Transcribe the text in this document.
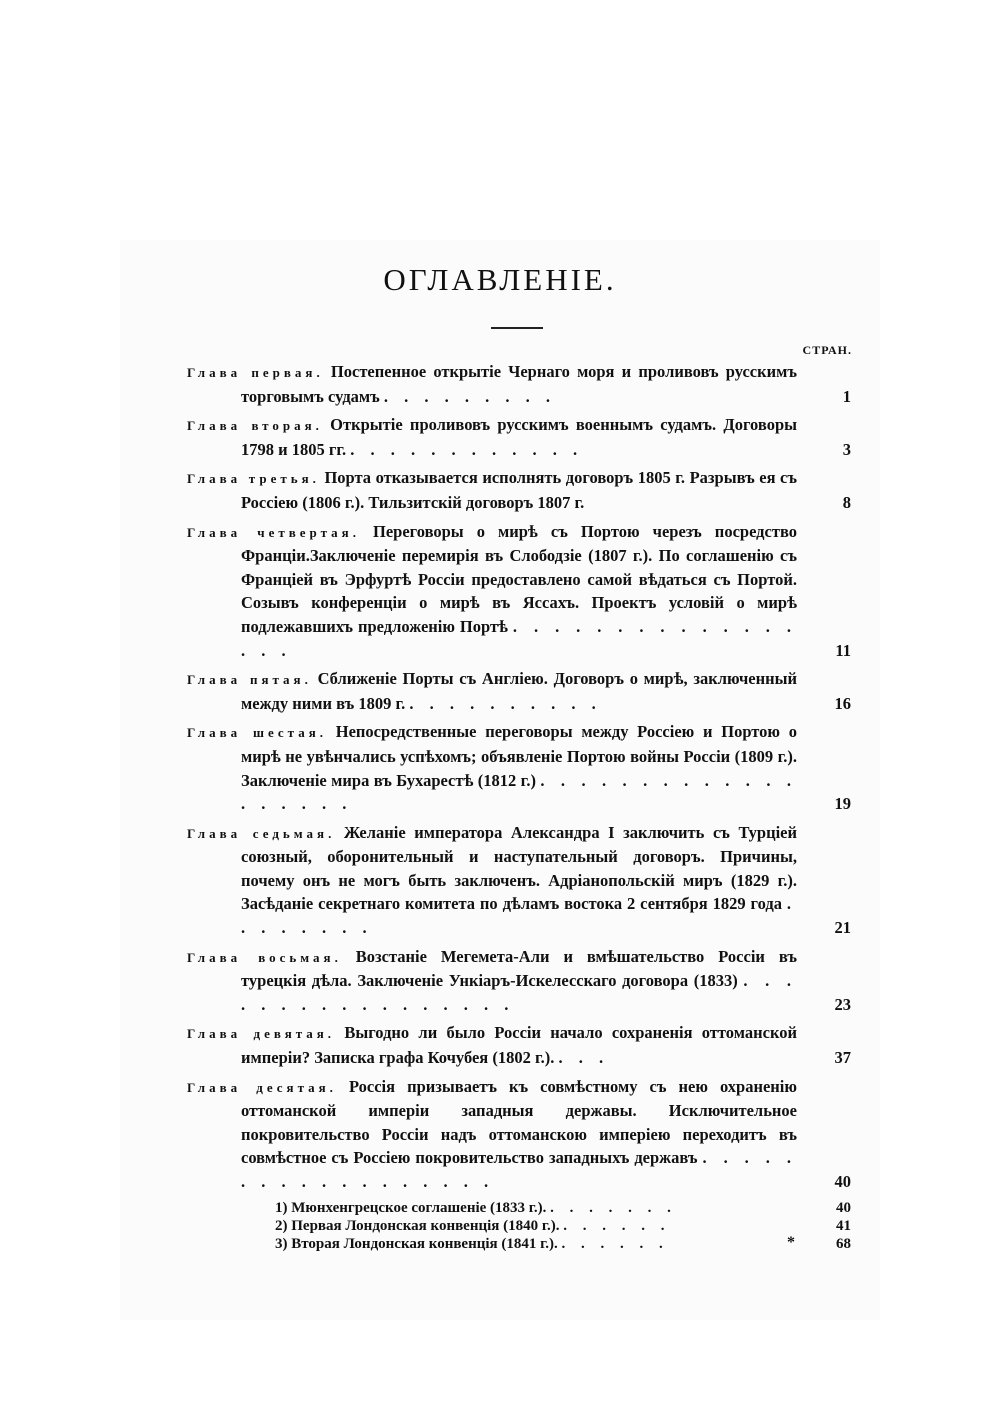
ОГЛАВЛЕНІЕ.
СТРАН.
Глава первая. Постепенное открытіе Чернаго моря и проливовъ русскимъ торговымъ судамъ . . . . . . . . .	1
Глава вторая. Открытіе проливовъ русскимъ военнымъ судамъ. Договоры 1798 и 1805 гг. . . . . . . . . . . . .	3
Глава третья. Порта отказывается исполнять договоръ 1805 г. Разрывъ ея съ Россіею (1806 г.). Тильзитскій договоръ 1807 г.	8
Глава четвертая. Переговоры о мирѣ съ Портою черезъ посредство Франціи.Заключеніе перемирія въ Слободзіе (1807 г.). По соглашенію съ Франціей въ Эрфуртѣ Россіи предоставлено самой вѣдаться съ Портой. Созывъ конференціи о мирѣ въ Яссахъ. Проектъ условій о мирѣ подлежавшихъ предложенію Портѣ . . . . . . . . . . . . . . . . .	11
Глава пятая. Сближеніе Порты съ Англіею. Договоръ о мирѣ, заключенный между ними въ 1809 г. . . . . . . . . . .	16
Глава шестая. Непосредственные переговоры между Россіею и Портою о мирѣ не увѣнчались успѣхомъ; объявленіе Портою войны Россіи (1809 г.). Заключеніе мира въ Бухарестѣ (1812 г.) . . . . . . . . . . . . . . . . . . .	19
Глава седьмая. Желаніе императора Александра I заключить съ Турціей союзный, оборонительный и наступательный договоръ. Причины, почему онъ не могъ быть заключенъ. Адріанопольскій миръ (1829 г.). Засѣданіе секретнаго комитета по дѣламъ востока 2 сентября 1829 года . . . . . . . .	21
Глава восьмая. Возстаніе Мегемета-Али и вмѣшательство Россіи въ турецкія дѣла. Заключеніе Ункіаръ-Искелесскаго договора (1833) . . . . . . . . . . . . . . . . .	23
Глава девятая. Выгодно ли было Россіи начало сохраненія оттоманской имперіи? Записка графа Кочубея (1802 г.). . . .	37
Глава десятая. Россія призываетъ къ совмѣстному съ нею охраненію оттоманской имперіи западныя державы. Исключительное покровительство Россіи надъ оттоманскою имперіею переходитъ въ совмѣстное съ Россіею покровительство западныхъ державъ . . . . . . . . . . . . . . . . . .	40
1) Мюнхенгрецское соглашеніе (1833 г.). . . . . . . .	40
2) Первая Лондонская конвенція (1840 г.). . . . . . .	41
3) Вторая Лондонская конвенція (1841 г.). . . . . . .	68
*
